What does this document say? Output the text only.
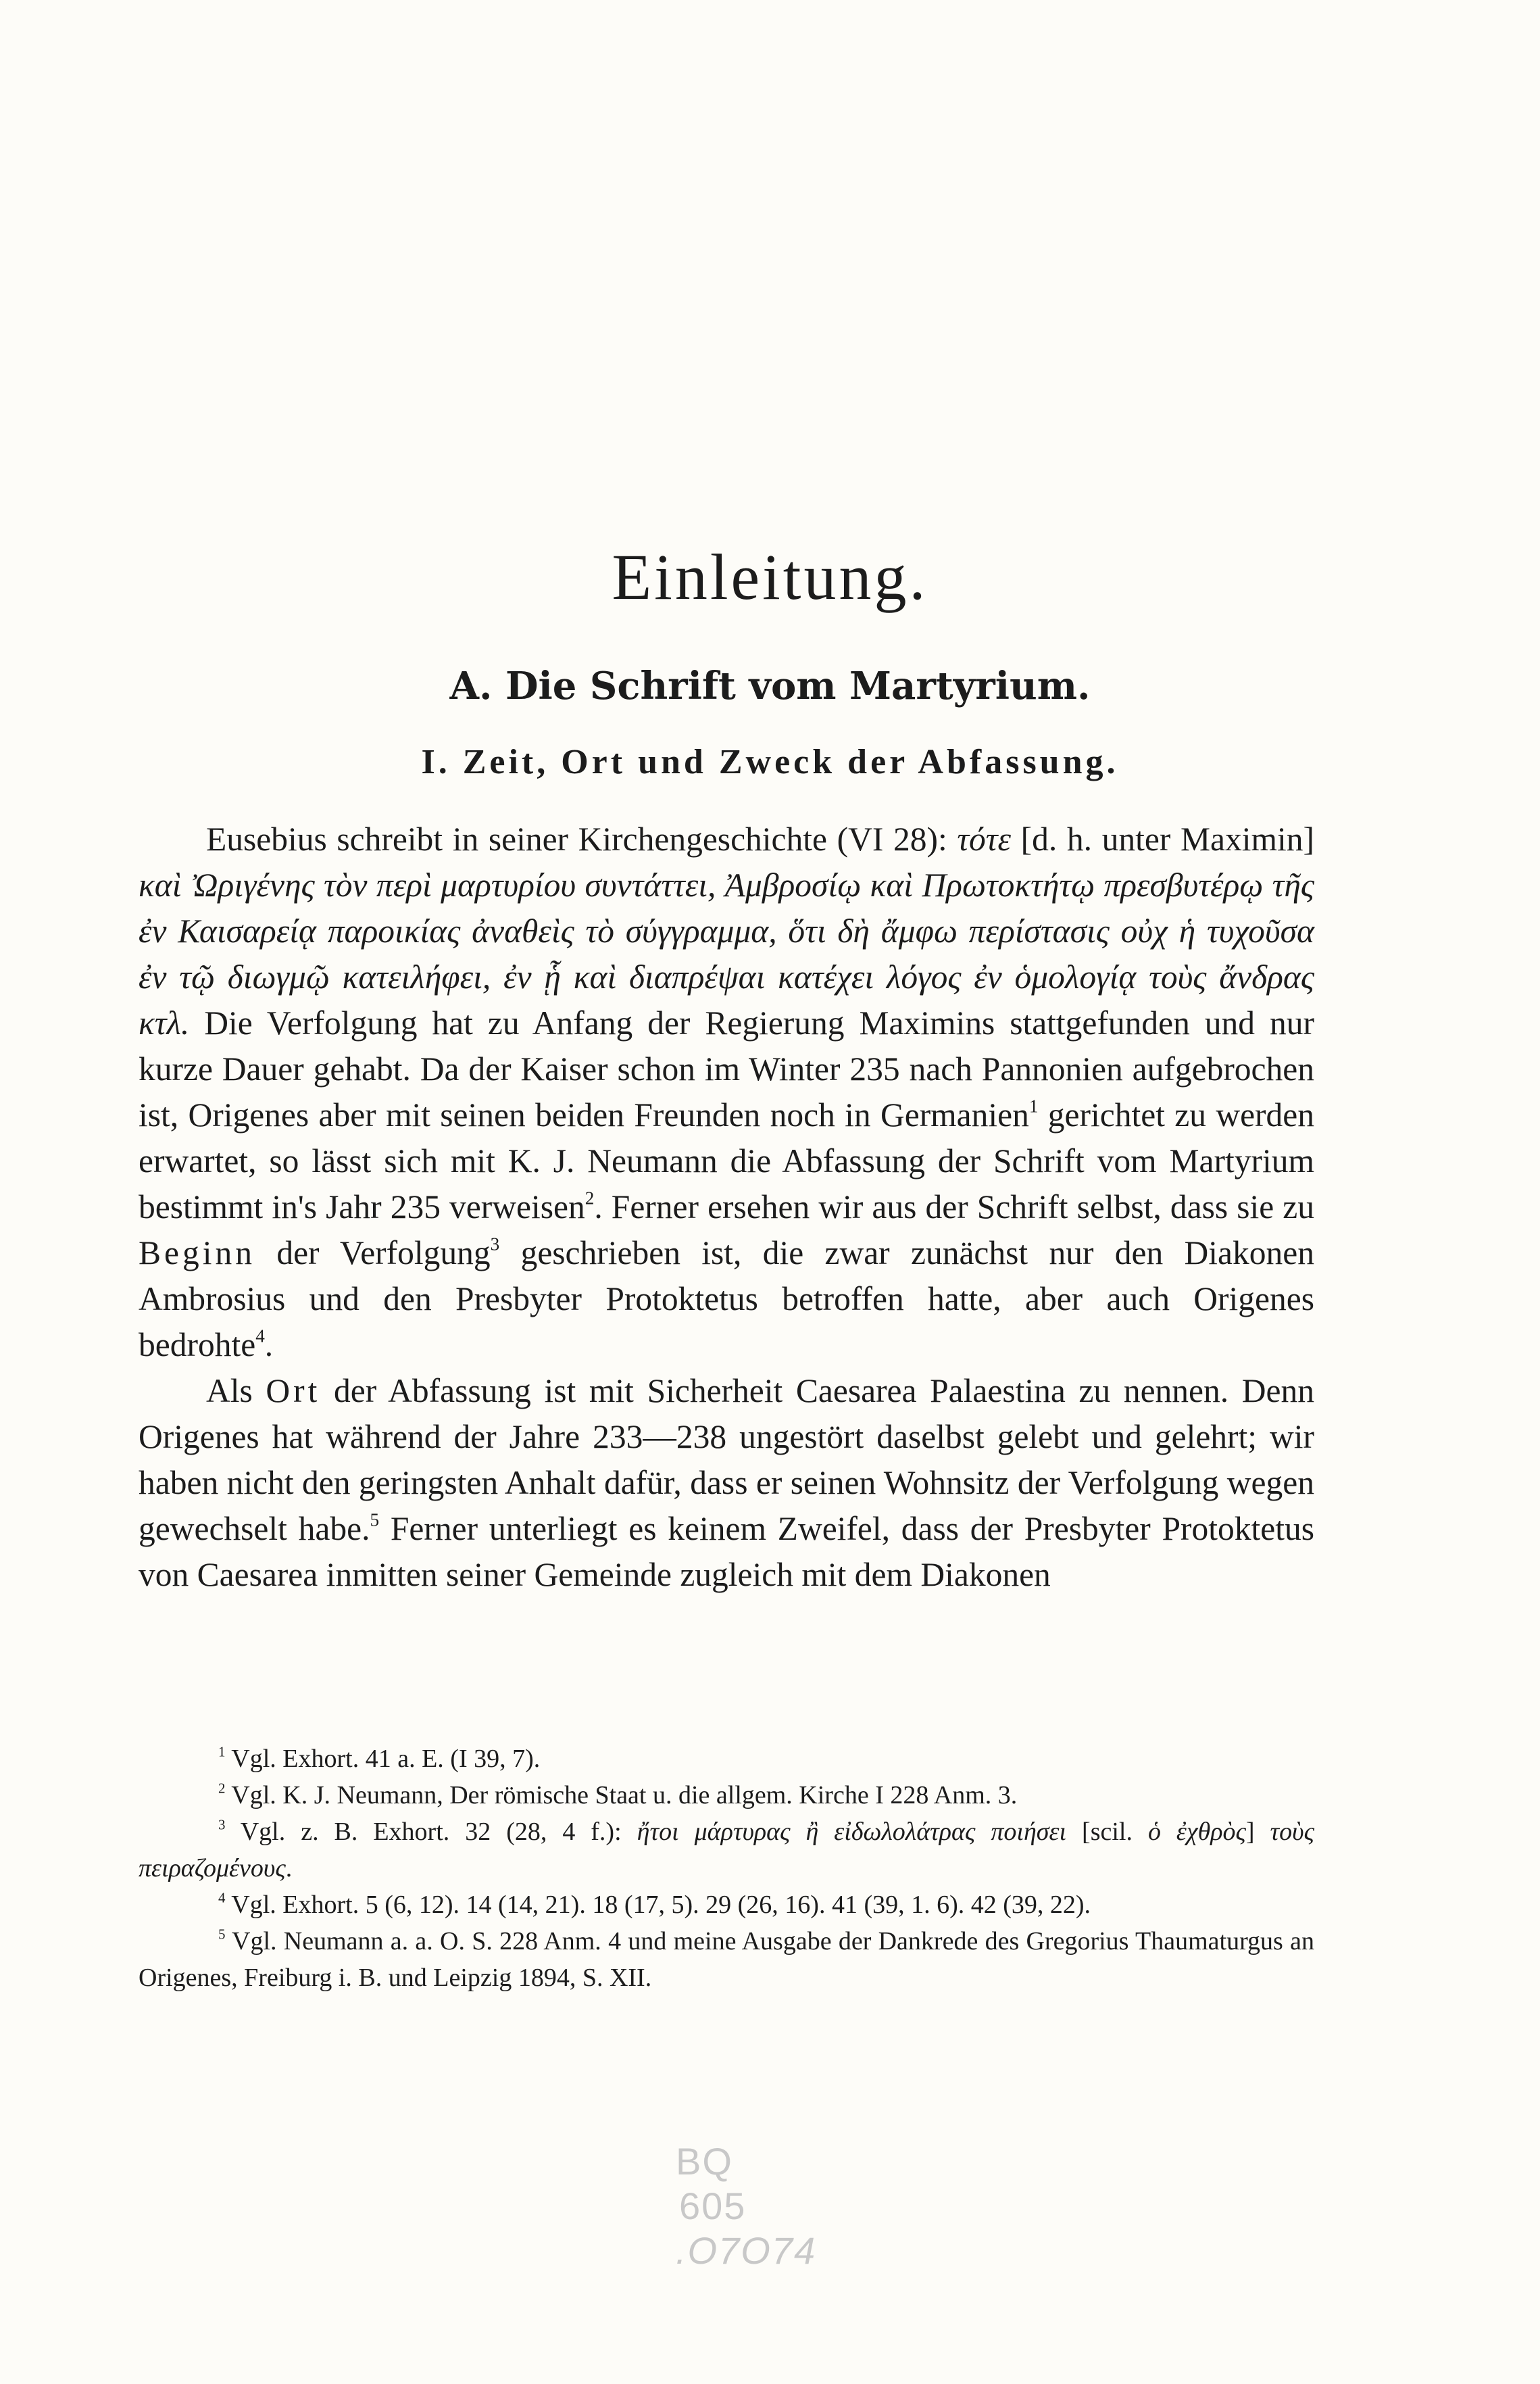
Einleitung.
A. Die Schrift vom Martyrium.
I. Zeit, Ort und Zweck der Abfassung.

Eusebius schreibt in seiner Kirchengeschichte (VI 28): τότε [d. h. unter Maximin] καὶ Ὠριγένης τὸν περὶ μαρτυρίου συντάττει, Ἀμβροσίῳ καὶ Πρωτοκτήτῳ πρεσβυτέρῳ τῆς ἐν Καισαρείᾳ παροικίας ἀναθεὶς τὸ σύγγραμμα, ὅτι δὴ ἄμφω περίστασις οὐχ ἡ τυχοῦσα ἐν τῷ διωγμῷ κατειλήφει, ἐν ᾗ καὶ διαπρέψαι κατέχει λόγος ἐν ὁμολογίᾳ τοὺς ἄνδρας κτλ. Die Verfolgung hat zu Anfang der Regierung Maximins stattgefunden und nur kurze Dauer gehabt. Da der Kaiser schon im Winter 235 nach Pannonien aufgebrochen ist, Origenes aber mit seinen beiden Freunden noch in Germanien$^1$ gerichtet zu werden erwartet, so lässt sich mit K. J. Neumann die Abfassung der Schrift vom Martyrium bestimmt in's Jahr 235 verweisen$^2$. Ferner ersehen wir aus der Schrift selbst, dass sie zu Beginn der Verfolgung$^3$ geschrieben ist, die zwar zunächst nur den Diakonen Ambrosius und den Presbyter Protoktetus betroffen hatte, aber auch Origenes bedrohte$^4$.

Als Ort der Abfassung ist mit Sicherheit Caesarea Palaestina zu nennen. Denn Origenes hat während der Jahre 233—238 ungestört daselbst gelebt und gelehrt; wir haben nicht den geringsten Anhalt dafür, dass er seinen Wohnsitz der Verfolgung wegen gewechselt habe.$^5$ Ferner unterliegt es keinem Zweifel, dass der Presbyter Protoktetus von Caesarea inmitten seiner Gemeinde zugleich mit dem Diakonen

$^1$ Vgl. Exhort. 41 a. E. (I 39, 7).

$^2$ Vgl. K. J. Neumann, Der römische Staat u. die allgem. Kirche I 228 Anm. 3.

$^3$ Vgl. z. B. Exhort. 32 (28, 4 f.): ἤτοι μάρτυρας ἢ εἰδωλολάτρας ποιήσει [scil. ὁ ἐχθρὸς] τοὺς πειραζομένους.

$^4$ Vgl. Exhort. 5 (6, 12). 14 (14, 21). 18 (17, 5). 29 (26, 16). 41 (39, 1. 6). 42 (39, 22).

$^5$ Vgl. Neumann a. a. O. S. 228 Anm. 4 und meine Ausgabe der Dankrede des Gregorius Thaumaturgus an Origenes, Freiburg i. B. und Leipzig 1894, S. XII.

BQ
605
.O7O74
